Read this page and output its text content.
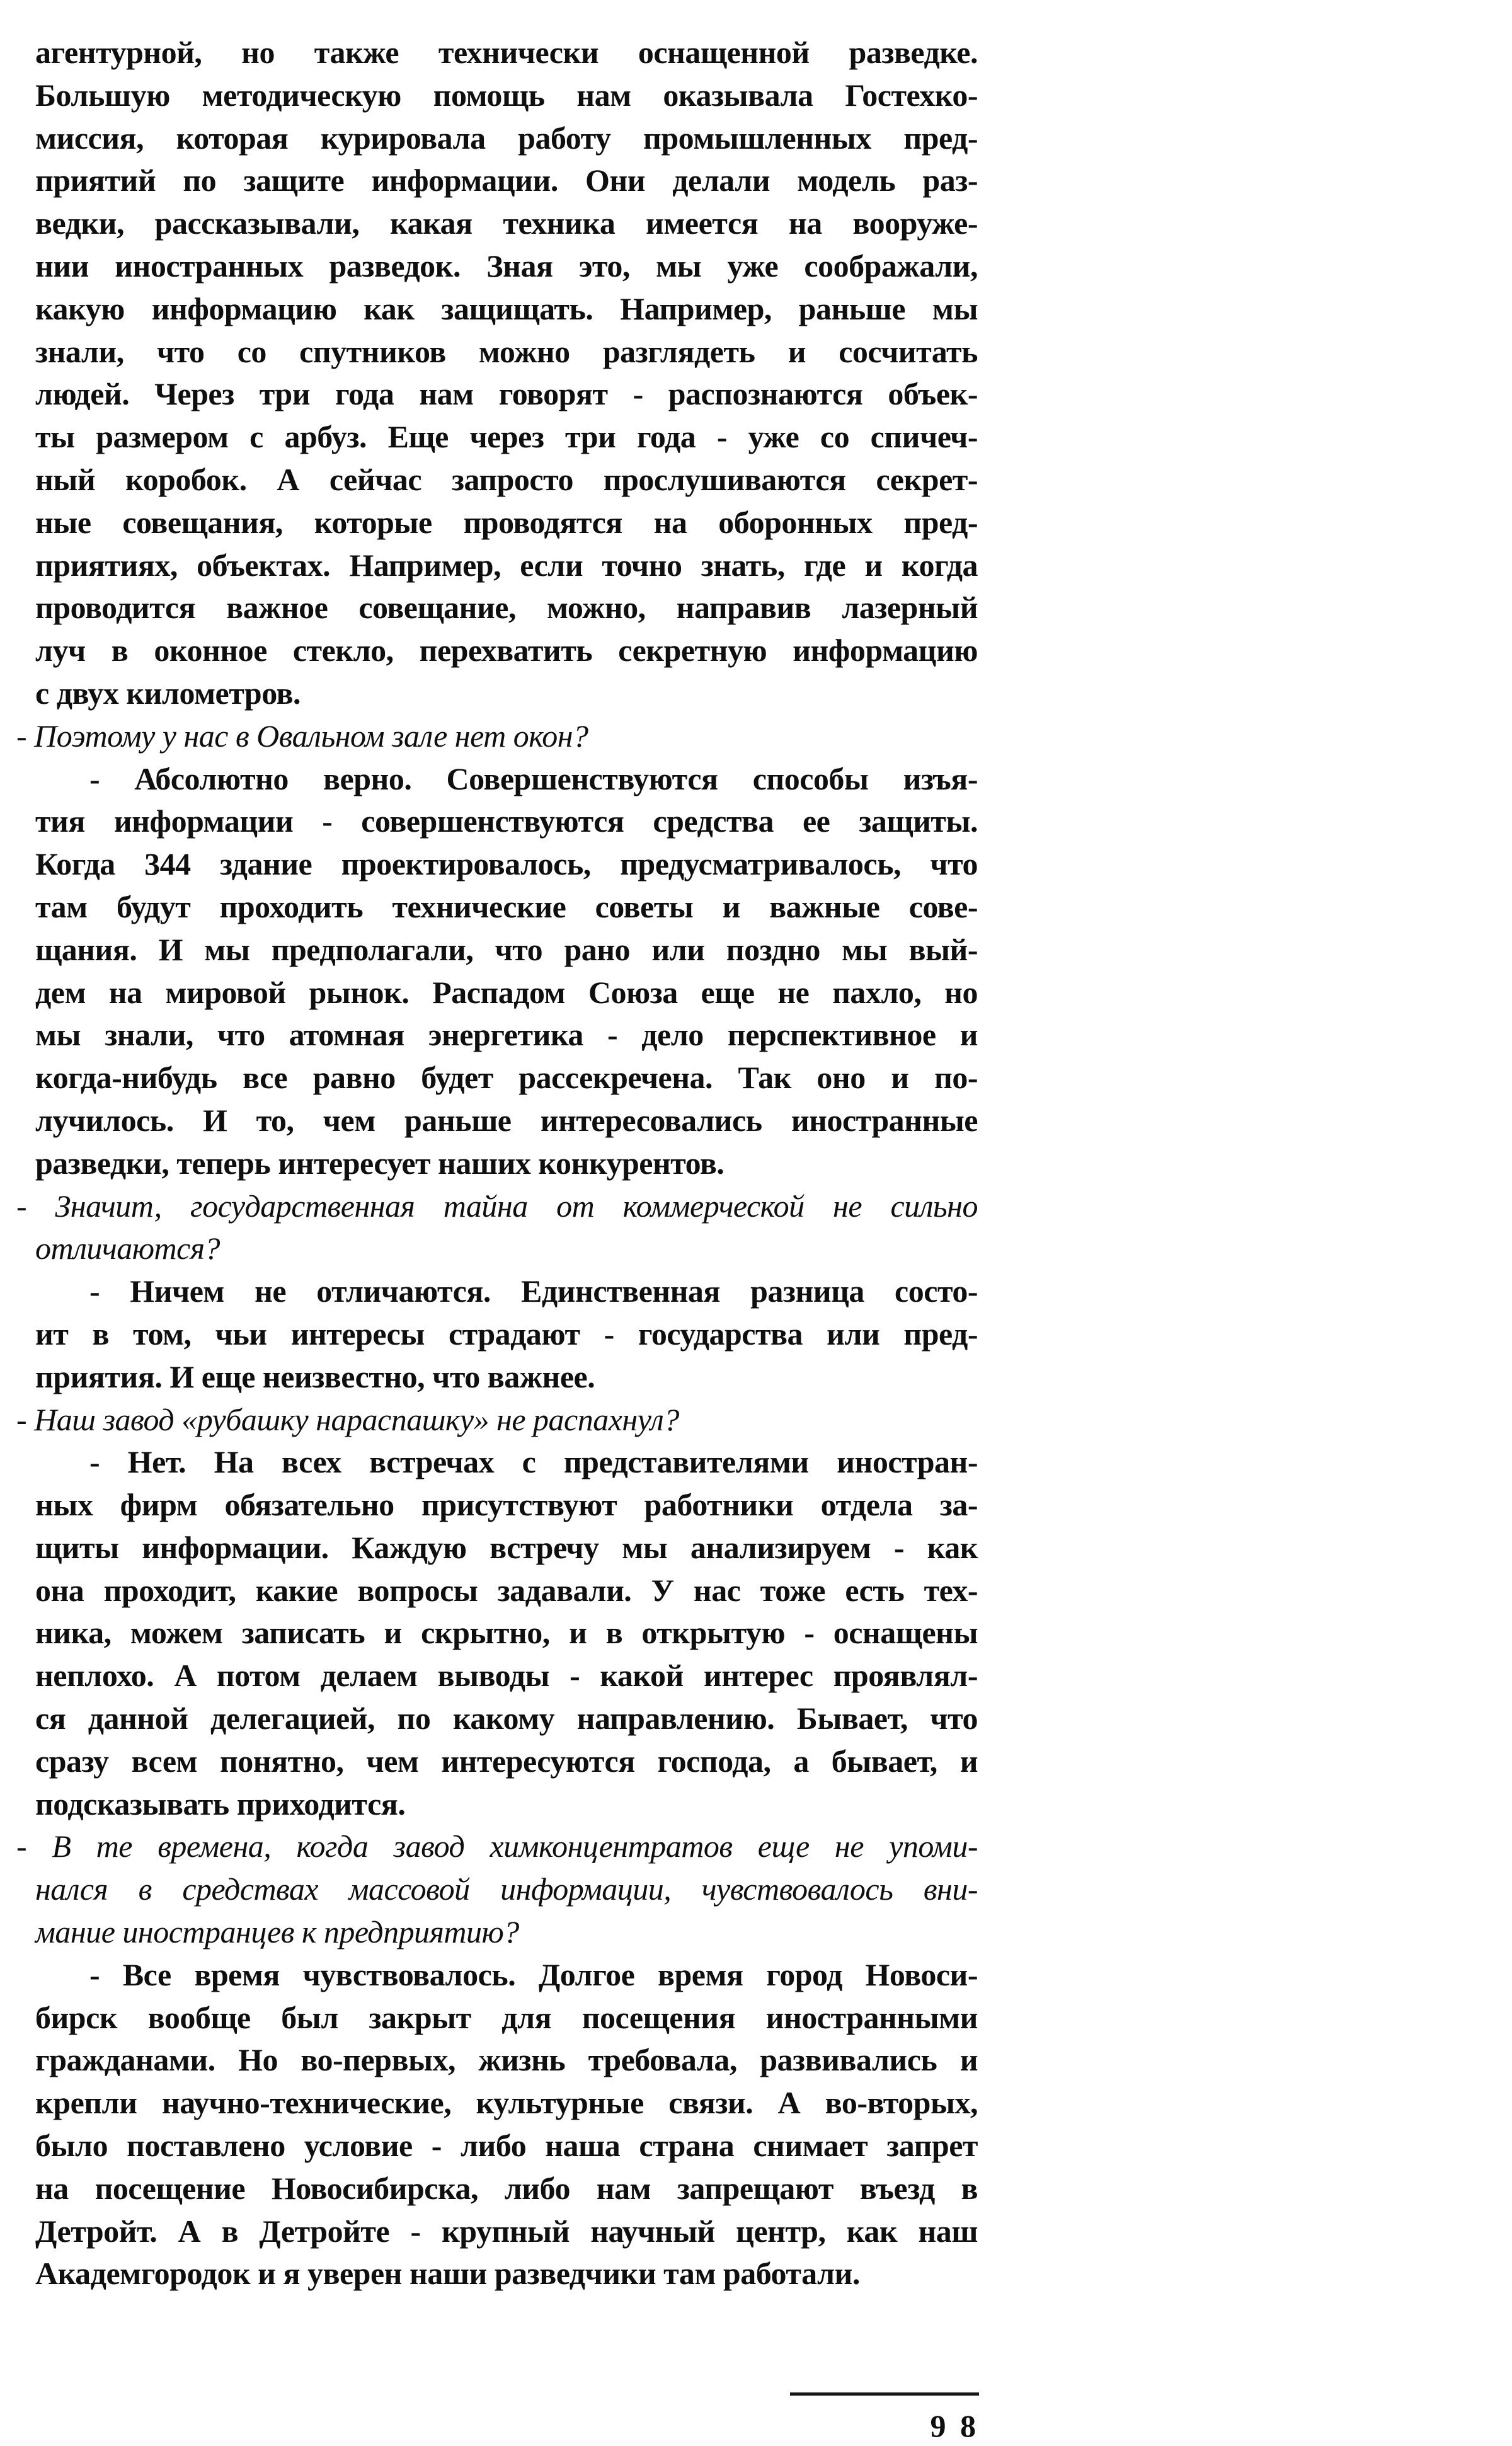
агентурной, но также технически оснащенной разведке.
Большую методическую помощь нам оказывала Гостехко-
миссия, которая курировала работу промышленных пред-
приятий по защите информации. Они делали модель раз-
ведки, рассказывали, какая техника имеется на вооруже-
нии иностранных разведок. Зная это, мы уже соображали,
какую информацию как защищать. Например, раньше мы
знали, что со спутников можно разглядеть и сосчитать
людей. Через три года нам говорят - распознаются объек-
ты размером с арбуз. Еще через три года - уже со спичеч-
ный коробок. А сейчас запросто прослушиваются секрет-
ные совещания, которые проводятся на оборонных пред-
приятиях, объектах. Например, если точно знать, где и когда
проводится важное совещание, можно, направив лазерный
луч в оконное стекло, перехватить секретную информацию
с двух километров.
- Поэтому у нас в Овальном зале нет окон?
- Абсолютно верно. Совершенствуются способы изъя-
тия информации - совершенствуются средства ее защиты.
Когда 344 здание проектировалось, предусматривалось, что
там будут проходить технические советы и важные сове-
щания. И мы предполагали, что рано или поздно мы вый-
дем на мировой рынок. Распадом Союза еще не пахло, но
мы знали, что атомная энергетика - дело перспективное и
когда-нибудь все равно будет рассекречена. Так оно и по-
лучилось. И то, чем раньше интересовались иностранные
разведки, теперь интересует наших конкурентов.
- Значит, государственная тайна от коммерческой не сильно
отличаются?
- Ничем не отличаются. Единственная разница состо-
ит в том, чьи интересы страдают - государства или пред-
приятия. И еще неизвестно, что важнее.
- Наш завод «рубашку нараспашку» не распахнул?
- Нет. На всех встречах с представителями иностран-
ных фирм обязательно присутствуют работники отдела за-
щиты информации. Каждую встречу мы анализируем - как
она проходит, какие вопросы задавали. У нас тоже есть тех-
ника, можем записать и скрытно, и в открытую - оснащены
неплохо. А потом делаем выводы - какой интерес проявлял-
ся данной делегацией, по какому направлению. Бывает, что
сразу всем понятно, чем интересуются господа, а бывает, и
подсказывать приходится.
- В те времена, когда завод химконцентратов еще не упоми-
нался в средствах массовой информации, чувствовалось вни-
мание иностранцев к предприятию?
- Все время чувствовалось. Долгое время город Новоси-
бирск вообще был закрыт для посещения иностранными
гражданами. Но во-первых, жизнь требовала, развивались и
крепли научно-технические, культурные связи. А во-вторых,
было поставлено условие - либо наша страна снимает запрет
на посещение Новосибирска, либо нам запрещают въезд в
Детройт. А в Детройте - крупный научный центр, как наш
Академгородок и я уверен наши разведчики там работали.
9 8
